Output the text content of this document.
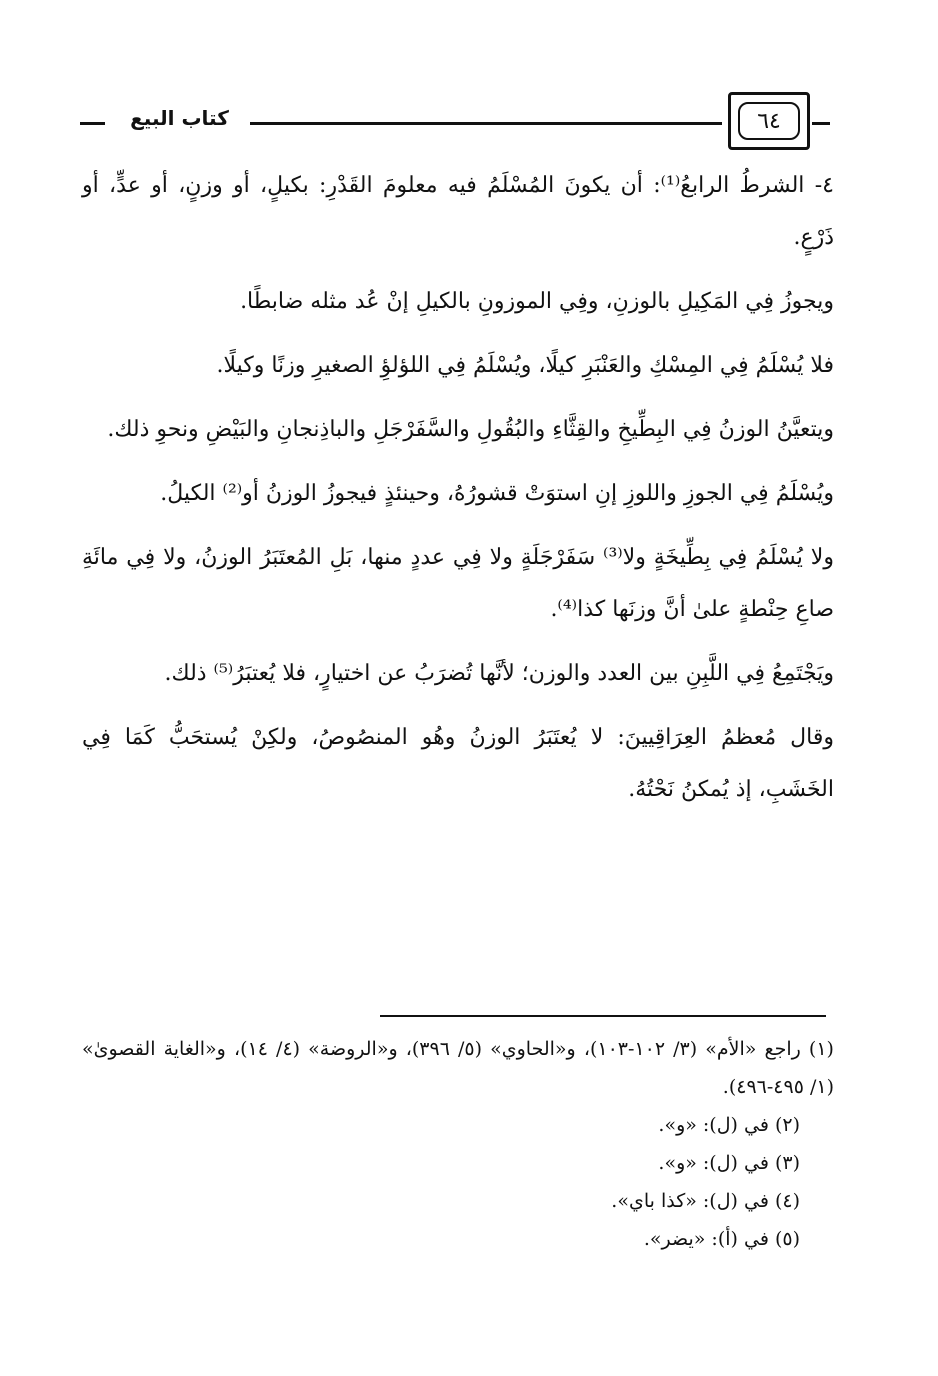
٦٤
كتاب البيع

٤- الشرطُ الرابعُ⁽¹⁾: أن يكونَ المُسْلَمُ فيه معلومَ القَدْرِ: بكيلٍ، أو وزنٍ، أو عدٍّ، أو ذَرْعٍ.

ويجوزُ فِي المَكِيلِ بالوزنِ، وفِي الموزونِ بالكيلِ إنْ عُد مثله ضابطًا.

فلا يُسْلَمُ فِي المِسْكِ والعَنْبَرِ كيلًا، ويُسْلَمُ فِي اللؤلؤِ الصغيرِ وزنًا وكيلًا.

ويتعيَّنُ الوزنُ فِي البِطِّيخِ والقِثَّاءِ والبُقُولِ والسَّفَرْجَلِ والباذِنجانِ والبَيْضِ ونحوِ ذلك.

ويُسْلَمُ فِي الجوزِ واللوزِ إنِ استوَتْ قشورُهُ، وحينئذٍ فيجوزُ الوزنُ أو⁽²⁾ الكيلُ.

ولا يُسْلَمُ فِي بِطِّيخَةٍ ولا⁽³⁾ سَفَرْجَلَةٍ ولا فِي عددٍ منها، بَلِ المُعتَبَرُ الوزنُ، ولا فِي مائَةِ صاعِ حِنْطةٍ علىٰ أنَّ وزنَها كذا⁽⁴⁾.

ويَجْتَمِعُ فِي اللَّبِنِ بين العدد والوزن؛ لأنَّها تُضرَبُ عن اختيارٍ، فلا يُعتبَرُ⁽⁵⁾ ذلك.

وقال مُعظمُ العِرَاقِيينَ: لا يُعتَبَرُ الوزنُ وهُو المنصُوصُ، ولكِنْ يُستحَبُّ كَمَا فِي الخَشَبِ، إذ يُمكنُ نَحْتُهُ.

(١) راجع «الأم» (٣/ ١٠٢-١٠٣)، و«الحاوي» (٥/ ٣٩٦)، و«الروضة» (٤/ ١٤)، و«الغاية القصوىٰ» (١/ ٤٩٥-٤٩٦).

(٢) في (ل): «و».

(٣) في (ل): «و».

(٤) في (ل): «كذا باي».

(٥) في (أ): «يضر».
